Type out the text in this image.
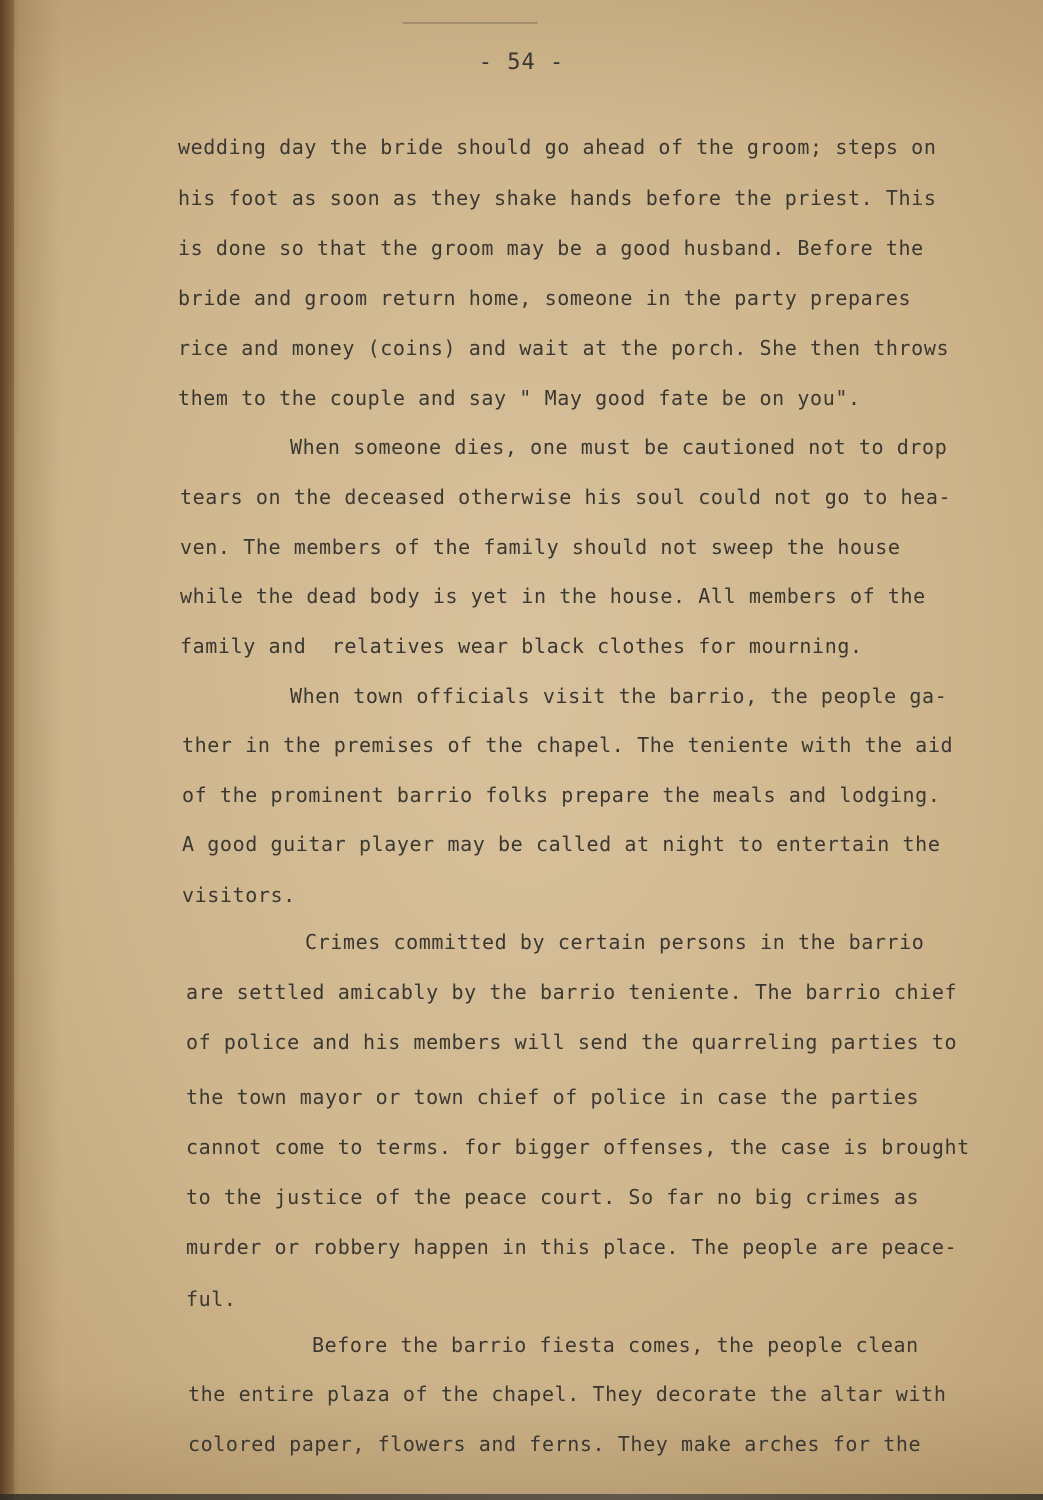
- 54 -
wedding day the bride should go ahead of the groom; steps on
his foot as soon as they shake hands before the priest. This
is done so that the groom may be a good husband. Before the
bride and groom return home, someone in the party prepares
rice and money (coins) and wait at the porch. She then throws
them to the couple and say " May good fate be on you".
When someone dies, one must be cautioned not to drop
tears on the deceased otherwise his soul could not go to hea-
ven. The members of the family should not sweep the house
while the dead body is yet in the house. All members of the
family and  relatives wear black clothes for mourning.
When town officials visit the barrio, the people ga-
ther in the premises of the chapel. The teniente with the aid
of the prominent barrio folks prepare the meals and lodging.
A good guitar player may be called at night to entertain the
visitors.
Crimes committed by certain persons in the barrio
are settled amicably by the barrio teniente. The barrio chief
of police and his members will send the quarreling parties to
the town mayor or town chief of police in case the parties
cannot come to terms. for bigger offenses, the case is brought
to the justice of the peace court. So far no big crimes as
murder or robbery happen in this place. The people are peace-
ful.
Before the barrio fiesta comes, the people clean
the entire plaza of the chapel. They decorate the altar with
colored paper, flowers and ferns. They make arches for the
